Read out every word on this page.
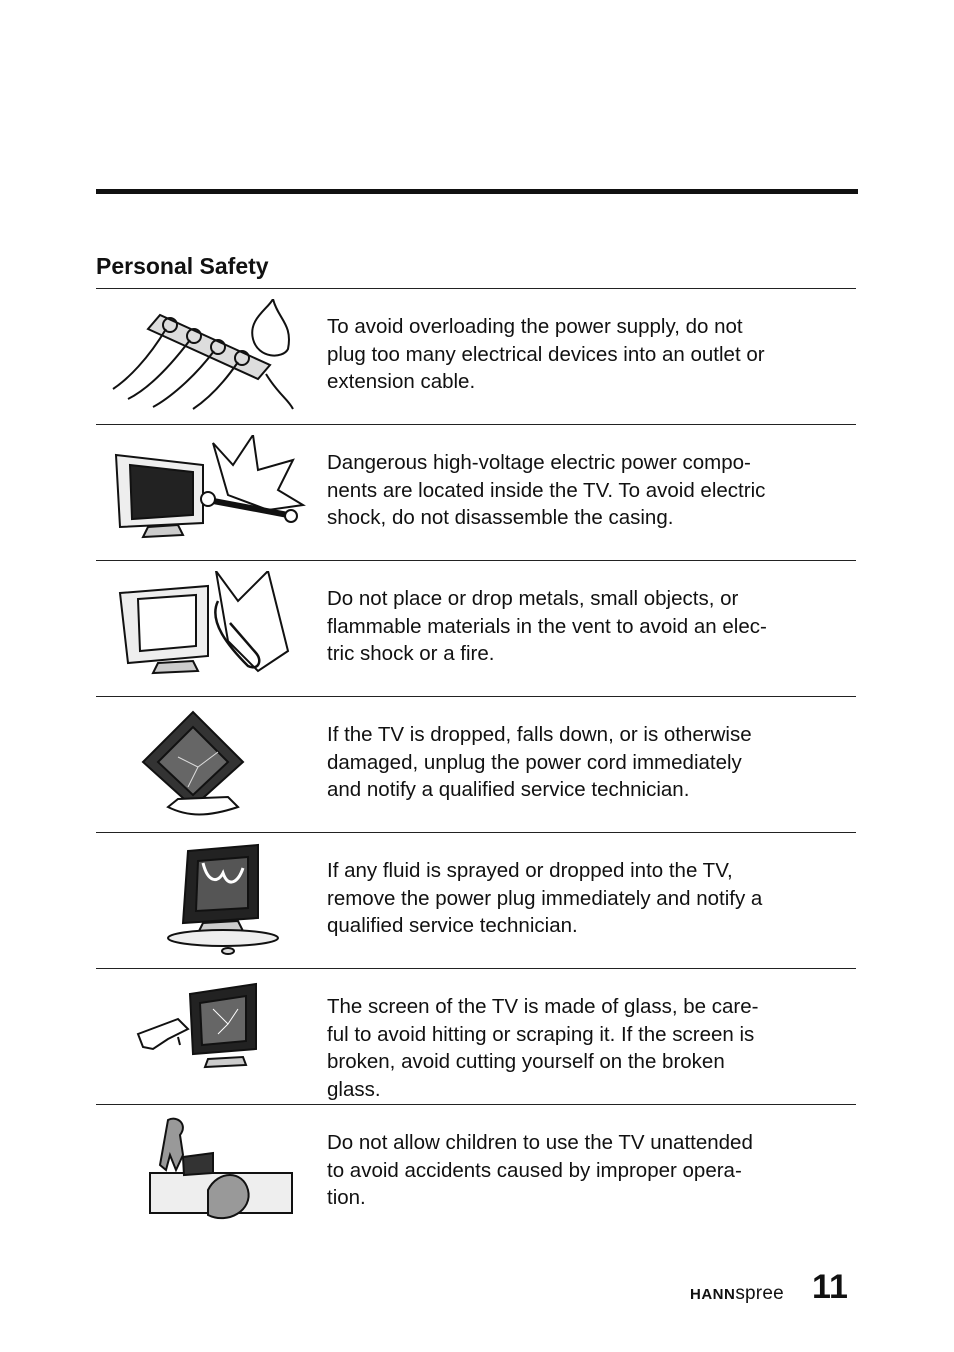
Personal Safety

To avoid overloading the power supply, do not
plug too many electrical devices into an outlet or
extension cable.

Dangerous high-voltage electric power compo-
nents are located inside the TV. To avoid electric
shock, do not disassemble the casing.

Do not place or drop metals, small objects, or
flammable materials in the vent to avoid an elec-
tric shock or a fire.

If the TV is dropped, falls down, or is otherwise
damaged, unplug the power cord immediately
and notify a qualified service technician.

If any fluid is sprayed or dropped into the TV,
remove the power plug immediately and notify a
qualified service technician.

The screen of the TV is made of glass, be care-
ful to avoid hitting or scraping it. If the screen is
broken, avoid cutting yourself on the broken
glass.

Do not allow children to use the TV unattended
to avoid accidents caused by improper opera-
tion.

HANNspree 11
